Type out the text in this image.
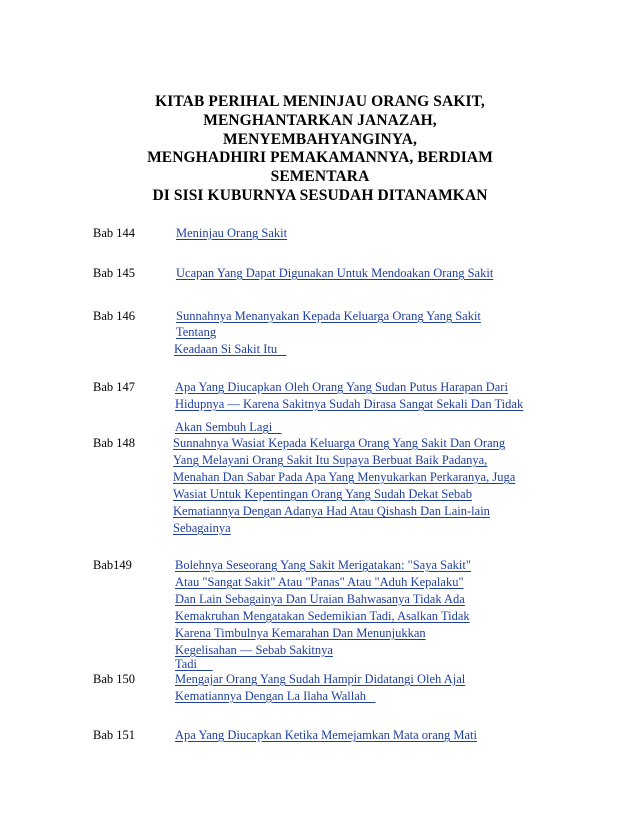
KITAB PERIHAL MENINJAU ORANG SAKIT,
MENGHANTARKAN JANAZAH,
MENYEMBAHYANGINYA,
MENGHADHIRI PEMAKAMANNYA, BERDIAM
SEMENTARA
DI SISI KUBURNYA SESUDAH DITANAMKAN
Bab 144	Meninjau Orang Sakit
Bab 145	Ucapan Yang Dapat Digunakan Untuk Mendoakan Orang Sakit
Bab 146	Sunnahnya Menanyakan Kepada Keluarga Orang Yang Sakit
Tentang
Keadaan Si Sakit Itu
Bab 147	Apa Yang Diucapkan Oleh Orang Yang Sudan Putus Harapan Dari
Hidupnya — Karena Sakitnya Sudah Dirasa Sangat Sekali Dan Tidak
Akan Sembuh Lagi
Bab 148	Sunnahnya Wasiat Kepada Keluarga Orang Yang Sakit Dan Orang
Yang Melayani Orang Sakit Itu Supaya Berbuat Baik Padanya,
Menahan Dan Sabar Pada Apa Yang Menyukarkan Perkaranya, Juga
Wasiat Untuk Kepentingan Orang Yang Sudah Dekat Sebab
Kematiannya Dengan Adanya Had Atau Qishash Dan Lain-lain
Sebagainya
Bab149	Bolehnya Seseorang Yang Sakit Merigatakan: "Saya Sakit"
Atau "Sangat Sakit" Atau "Panas" Atau "Aduh Kepalaku"
Dan Lain Sebagainya Dan Uraian Bahwasanya Tidak Ada
Kemakruhan Mengatakan Sedemikian Tadi, Asalkan Tidak
Karena Timbulnya Kemarahan Dan Menunjukkan
Kegelisahan — Sebab Sakitnya
Tadi
Bab 150	Mengajar Orang Yang Sudah Hampir Didatangi Oleh Ajal
Kematiannya Dengan La Ilaha Wallah
Bab 151	Apa Yang Diucapkan Ketika Memejamkan Mata orang Mati
